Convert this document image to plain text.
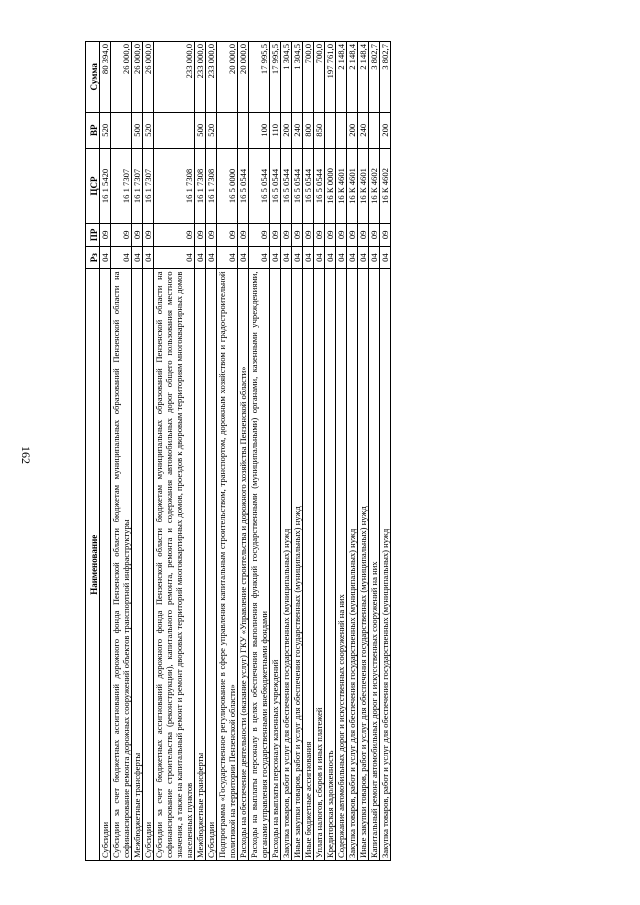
162
Наименование	Рз	ПР	ЦСР	ВР	Сумма
Субсидии	04	09	16 1 5420	520	80 394,0
Субсидии за счет бюджетных ассигнований дорожного фонда Пензенской области бюджетам муниципальных образований Пензенской области на софинансирование ремонта дорожных сооружений объектов транспортной инфраструктуры	04	09	16 1 7307		26 000,0
Межбюджетные трансферты	04	09	16 1 7307	500	26 000,0
Субсидии	04	09	16 1 7307	520	26 000,0
Субсидии за счет бюджетных ассигнований дорожного фонда Пензенской области бюджетам муниципальных образований Пензенской области на софинансирование строительства (реконструкции), капитального ремонта, ремонта и содержания автомобильных дорог общего пользования местного значения, а также на капитальный ремонт и ремонт дворовых территорий многоквартирных домов, проездов к дворовым территориям многоквартирных домов населенных пунктов	04	09	16 1 7308		233 000,0
Межбюджетные трансферты	04	09	16 1 7308	500	233 000,0
Субсидии	04	09	16 1 7308	520	233 000,0
Подпрограмма «Государственное регулирование в сфере управления капитальным строительством, транспортом, дорожным хозяйством и градостроительной политикой на территории Пензенской области»	04	09	16 5 0000		20 000,0
Расходы на обеспечение деятельности (оказание услуг) ГКУ «Управление строительства и дорожного хозяйства Пензенской области»	04	09	16 5 0544		20 000,0
Расходы на выплаты персоналу в целях обеспечения выполнения функций государственными (муниципальными) органами, казенными учреждениями, органами управления государственными внебюджетными фондами	04	09	16 5 0544	100	17 995,5
Расходы на выплаты персоналу казенных учреждений	04	09	16 5 0544	110	17 995,5
Закупка товаров, работ и услуг для обеспечения государственных (муниципальных) нужд	04	09	16 5 0544	200	1 304,5
Иные закупки товаров, работ и услуг для обеспечения государственных (муниципальных) нужд	04	09	16 5 0544	240	1 304,5
Иные бюджетные ассигнования	04	09	16 5 0544	800	700,0
Уплата налогов, сборов и иных платежей	04	09	16 5 0544	850	700,0
Кредиторская задолженность	04	09	16 К 0000		197 761,0
Содержание автомобильных дорог и искусственных сооружений на них	04	09	16 К 4601		2 148,4
Закупка товаров, работ и услуг для обеспечения государственных (муниципальных) нужд	04	09	16 К 4601	200	2 148,4
Иные закупки товаров, работ и услуг для обеспечения государственных (муниципальных) нужд	04	09	16 К 4601	240	2 148,4
Капитальный ремонт автомобильных дорог и искусственных сооружений на них	04	09	16 К 4602		3 802,7
Закупка товаров, работ и услуг для обеспечения государственных (муниципальных) нужд	04	09	16 К 4602	200	3 802,7
